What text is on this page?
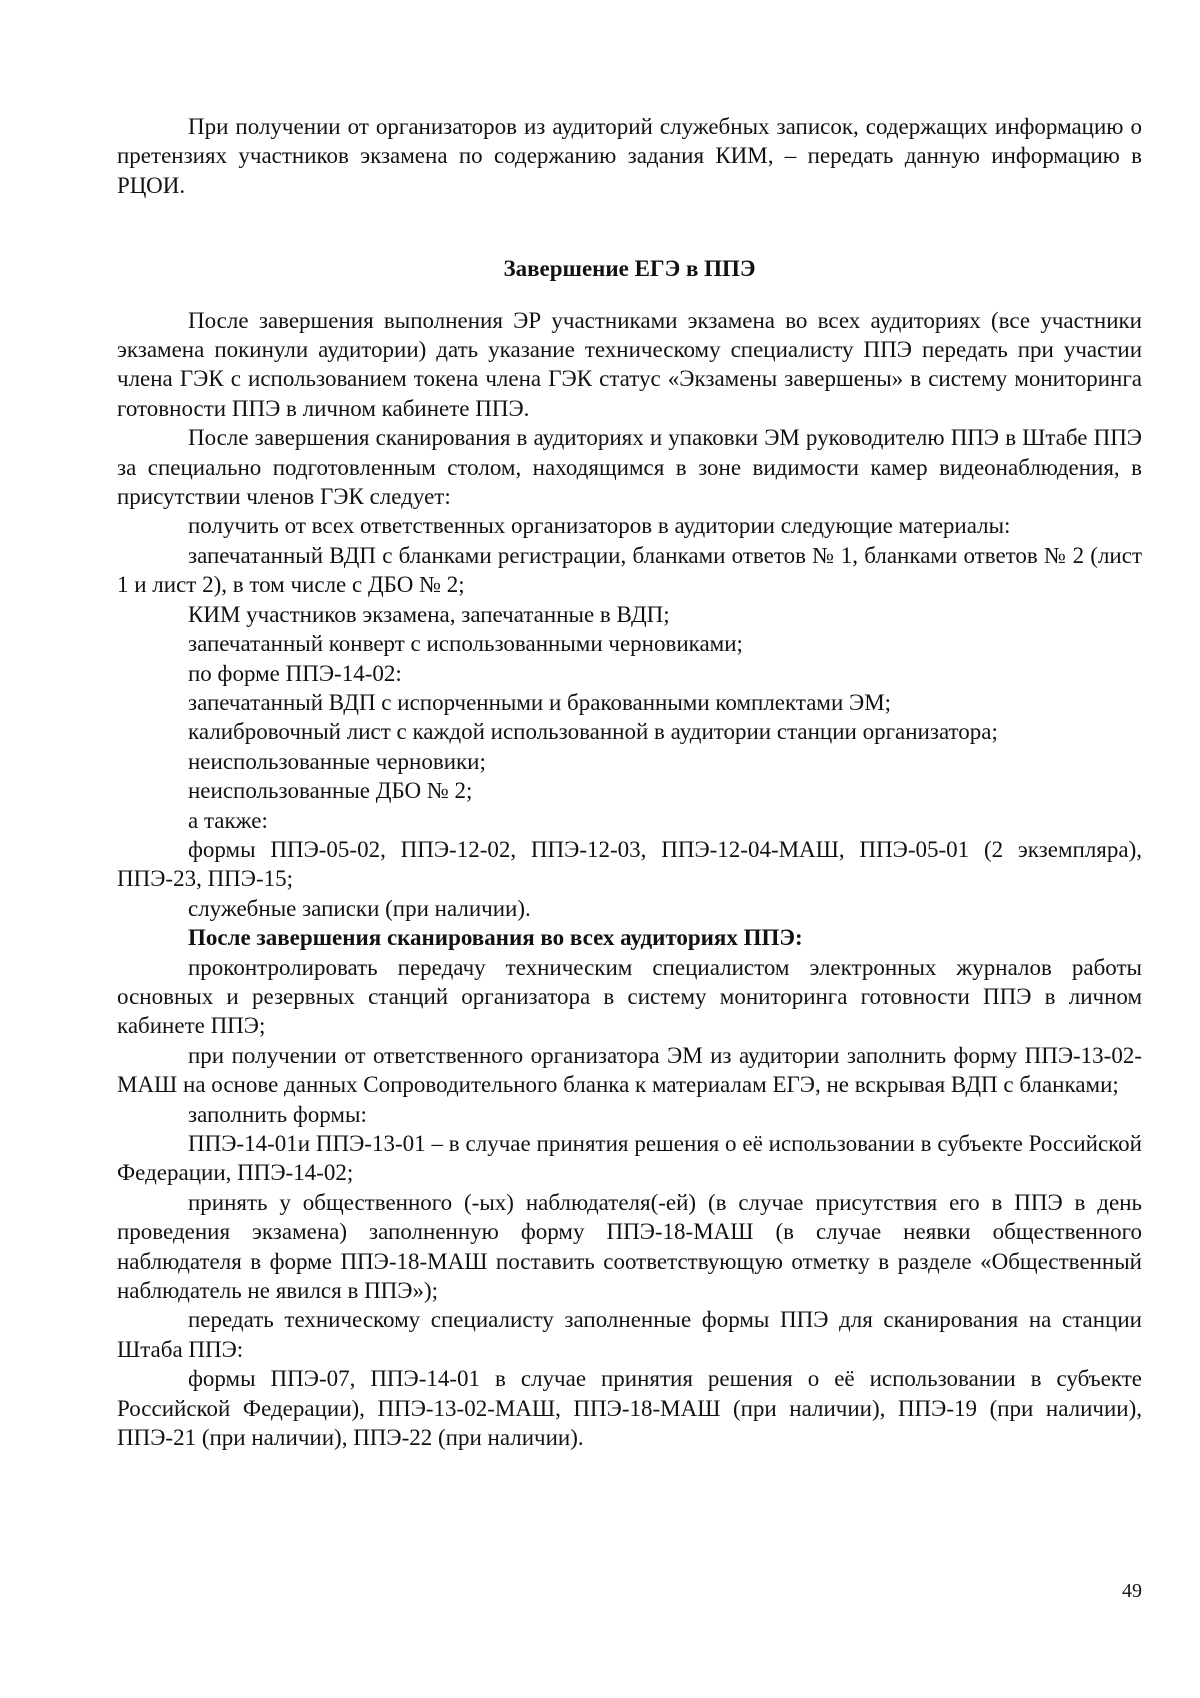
При получении от организаторов из аудиторий служебных записок, содержащих информацию о претензиях участников экзамена по содержанию задания КИМ, – передать данную информацию в РЦОИ.

Завершение ЕГЭ в ППЭ

После завершения выполнения ЭР участниками экзамена во всех аудиториях (все участники экзамена покинули аудитории) дать указание техническому специалисту ППЭ передать при участии члена ГЭК с использованием токена члена ГЭК статус «Экзамены завершены» в систему мониторинга готовности ППЭ в личном кабинете ППЭ.

После завершения сканирования в аудиториях и упаковки ЭМ руководителю ППЭ в Штабе ППЭ за специально подготовленным столом, находящимся в зоне видимости камер видеонаблюдения, в присутствии членов ГЭК следует:

получить от всех ответственных организаторов в аудитории следующие материалы:

запечатанный ВДП с бланками регистрации, бланками ответов № 1, бланками ответов № 2 (лист 1 и лист 2), в том числе с ДБО № 2;

КИМ участников экзамена, запечатанные в ВДП;

запечатанный конверт с использованными черновиками;

по форме ППЭ-14-02:

запечатанный ВДП с испорченными и бракованными комплектами ЭМ;

калибровочный лист с каждой использованной в аудитории станции организатора;

неиспользованные черновики;

неиспользованные ДБО № 2;

а также:

формы ППЭ-05-02, ППЭ-12-02, ППЭ-12-03, ППЭ-12-04-МАШ, ППЭ-05-01 (2 экземпляра), ППЭ-23, ППЭ-15;

служебные записки (при наличии).

После завершения сканирования во всех аудиториях ППЭ:

проконтролировать передачу техническим специалистом электронных журналов работы основных и резервных станций организатора в систему мониторинга готовности ППЭ в личном кабинете ППЭ;

при получении от ответственного организатора ЭМ из аудитории заполнить форму ППЭ-13-02-МАШ на основе данных Сопроводительного бланка к материалам ЕГЭ, не вскрывая ВДП с бланками;

заполнить формы:

ППЭ-14-01и ППЭ-13-01 – в случае принятия решения о её использовании в субъекте Российской Федерации, ППЭ-14-02;

принять у общественного (-ых) наблюдателя(-ей) (в случае присутствия его в ППЭ в день проведения экзамена) заполненную форму ППЭ-18-МАШ (в случае неявки общественного наблюдателя в форме ППЭ-18-МАШ поставить соответствующую отметку в разделе «Общественный наблюдатель не явился в ППЭ»);

передать техническому специалисту заполненные формы ППЭ для сканирования на станции Штаба ППЭ:

формы ППЭ-07, ППЭ-14-01 в случае принятия решения о её использовании в субъекте Российской Федерации), ППЭ-13-02-МАШ, ППЭ-18-МАШ (при наличии), ППЭ-19 (при наличии), ППЭ-21 (при наличии), ППЭ-22 (при наличии).

49
